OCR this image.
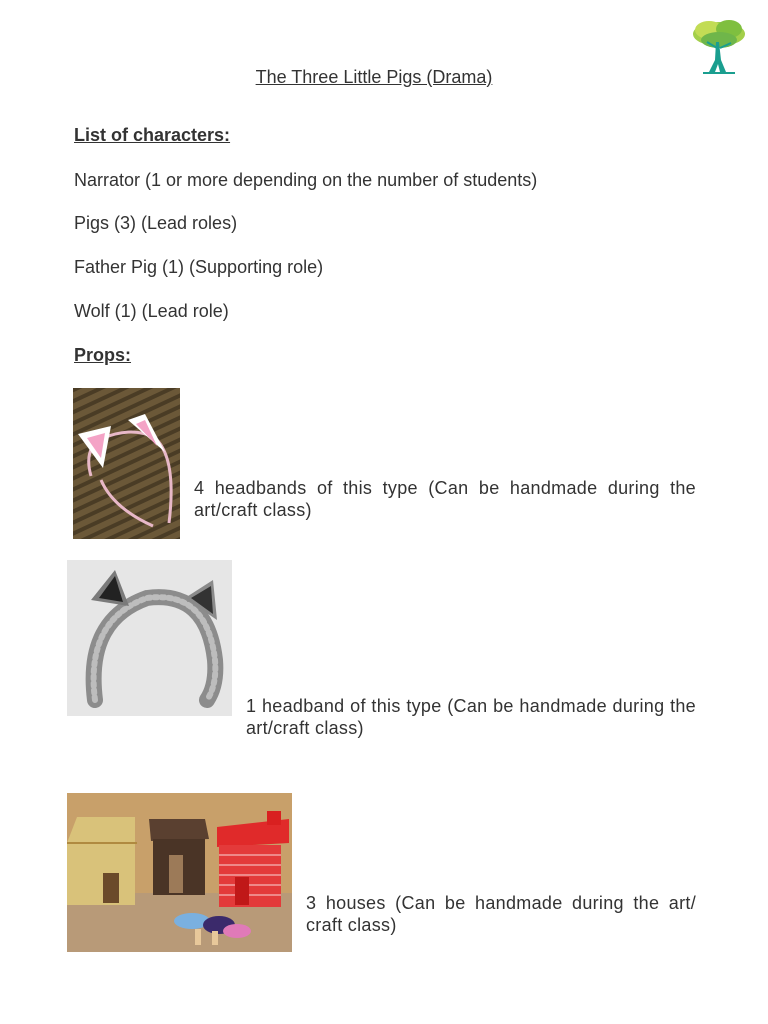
The Three Little Pigs (Drama)
List of characters:
Narrator (1 or more depending on the number of students)
Pigs (3) (Lead roles)
Father Pig (1) (Supporting role)
Wolf (1) (Lead role)
Props:
4 headbands of this type (Can be handmade during the art/craft class)
1 headband of this type (Can be handmade during the art/craft class)
3 houses (Can be handmade during the art/ craft class)
